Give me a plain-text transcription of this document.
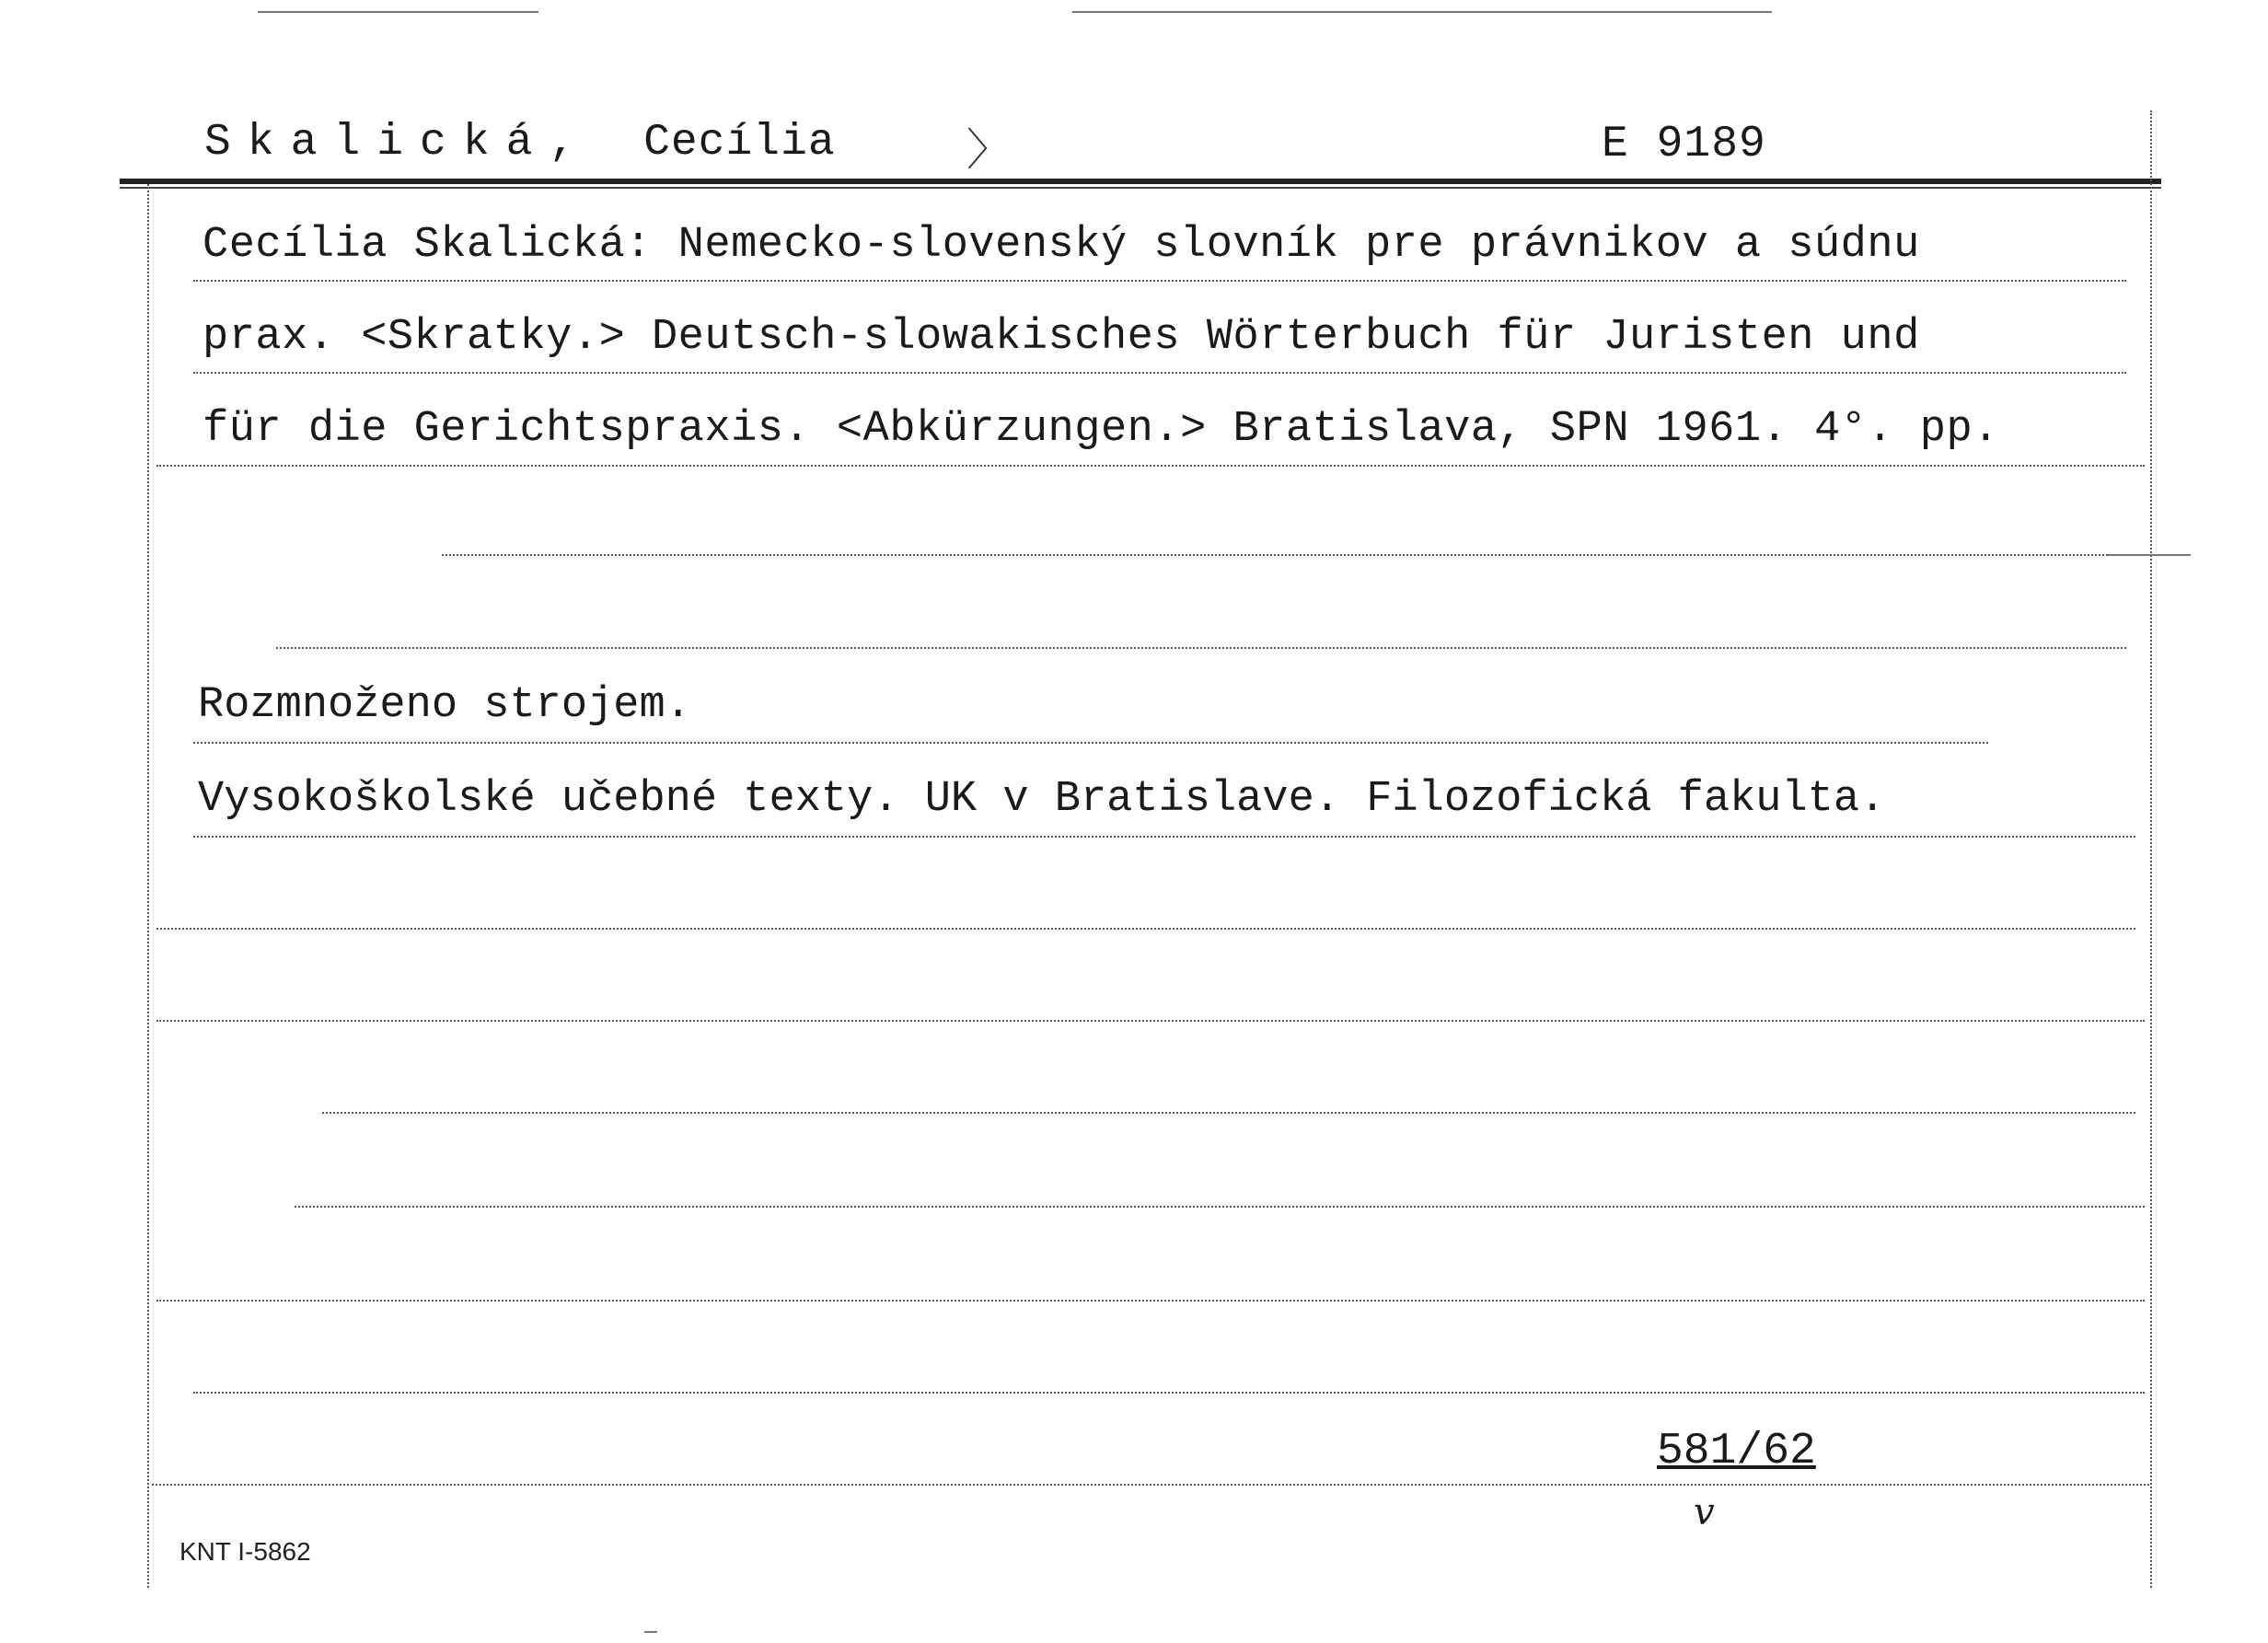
Skalická, Cecília	〉	E 9189
Cecília Skalická: Nemecko-slovenský slovník pre právnikov a súdnu
prax. <Skratky.> Deutsch-slowakisches Wörterbuch für Juristen und
für die Gerichtspraxis. <Abkürzungen.> Bratislava, SPN 1961. 4°. pp.
Rozmnoženo strojem.
Vysokoškolské učebné texty. UK v Bratislave. Filozofická fakulta.
581/62
v
KNT I-5862
